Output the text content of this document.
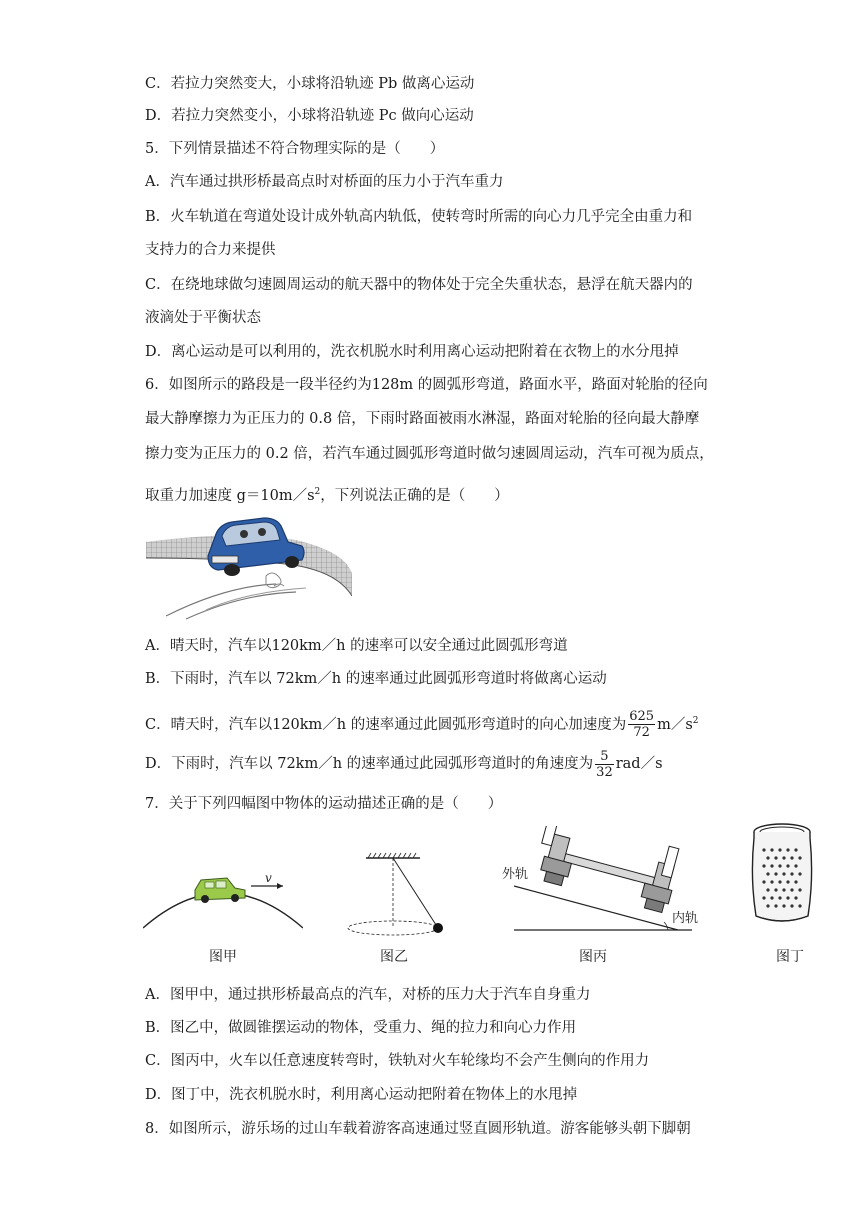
C．若拉力突然变大，小球将沿轨迹 Pb 做离心运动
D．若拉力突然变小，小球将沿轨迹 Pc 做向心运动
5．下列情景描述不符合物理实际的是（　　）
A．汽车通过拱形桥最高点时对桥面的压力小于汽车重力
B．火车轨道在弯道处设计成外轨高内轨低，使转弯时所需的向心力几乎完全由重力和
支持力的合力来提供
C．在绕地球做匀速圆周运动的航天器中的物体处于完全失重状态，悬浮在航天器内的
液滴处于平衡状态
D．离心运动是可以利用的，洗衣机脱水时利用离心运动把附着在衣物上的水分甩掉
6．如图所示的路段是一段半径约为128m 的圆弧形弯道，路面水平，路面对轮胎的径向
最大静摩擦力为正压力的 0.8 倍，下雨时路面被雨水淋湿，路面对轮胎的径向最大静摩
擦力变为正压力的 0.2 倍，若汽车通过圆弧形弯道时做匀速圆周运动，汽车可视为质点，
取重力加速度 $g=10m/s^2$，下列说法正确的是（　　）
A．晴天时，汽车以120km／h 的速率可以安全通过此圆弧形弯道
B．下雨时，汽车以 72km／h 的速率通过此圆弧形弯道时将做离心运动
C．晴天时，汽车以120km／h 的速率通过此圆弧形弯道时的向心加速度为 $\frac{625}{72}$ $m/s^2$
D．下雨时，汽车以 72km／h 的速率通过此园弧形弯道时的角速度为 $\frac{5}{32}$ rad／s
7．关于下列四幅图中物体的运动描述正确的是（　　）
v
图甲	图乙
外轨
内轨
图丙	图丁
A．图甲中，通过拱形桥最高点的汽车，对桥的压力大于汽车自身重力
B．图乙中，做圆锥摆运动的物体，受重力、绳的拉力和向心力作用
C．图丙中，火车以任意速度转弯时，铁轨对火车轮缘均不会产生侧向的作用力
D．图丁中，洗衣机脱水时，利用离心运动把附着在物体上的水甩掉
8．如图所示，游乐场的过山车载着游客高速通过竖直圆形轨道。游客能够头朝下脚朝
